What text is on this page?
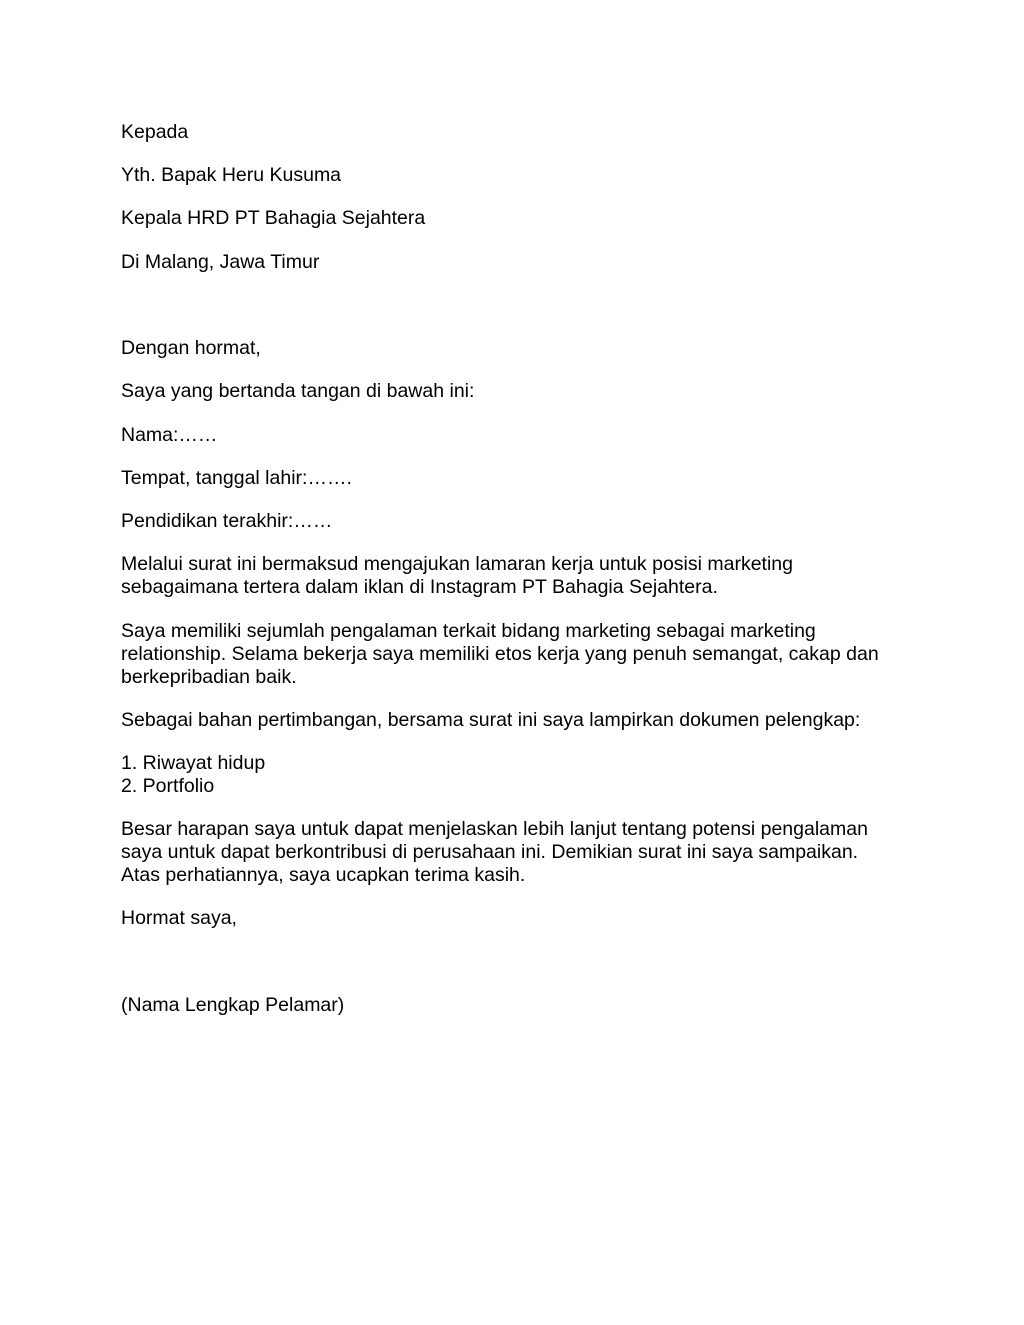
Kepada

Yth. Bapak Heru Kusuma

Kepala HRD PT Bahagia Sejahtera

Di Malang, Jawa Timur

Dengan hormat,

Saya yang bertanda tangan di bawah ini:

Nama:……

Tempat, tanggal lahir:…….

Pendidikan terakhir:……

Melalui surat ini bermaksud mengajukan lamaran kerja untuk posisi marketing
sebagaimana tertera dalam iklan di Instagram PT Bahagia Sejahtera.
Saya memiliki sejumlah pengalaman terkait bidang marketing sebagai marketing
relationship. Selama bekerja saya memiliki etos kerja yang penuh semangat, cakap dan
berkepribadian baik.

Sebagai bahan pertimbangan, bersama surat ini saya lampirkan dokumen pelengkap:

1. Riwayat hidup
2. Portfolio
Besar harapan saya untuk dapat menjelaskan lebih lanjut tentang potensi pengalaman
saya untuk dapat berkontribusi di perusahaan ini. Demikian surat ini saya sampaikan.
Atas perhatiannya, saya ucapkan terima kasih.

Hormat saya,

(Nama Lengkap Pelamar)
